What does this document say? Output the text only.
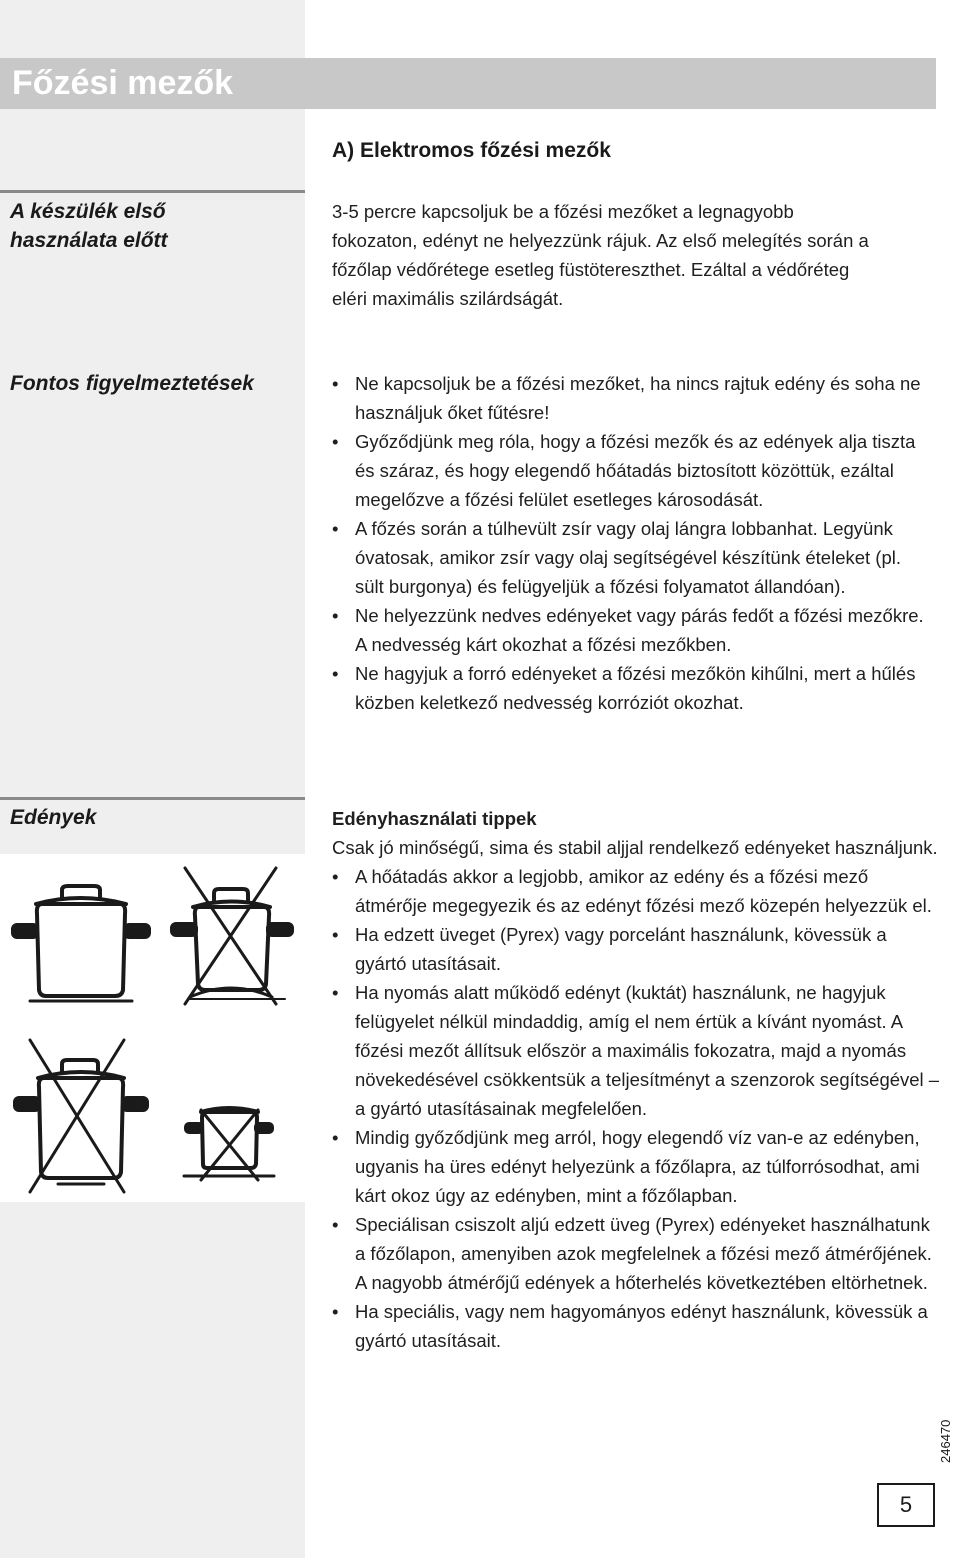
Főzési mezők
A) Elektromos főzési mezők
A készülék első
használata előtt

3-5 percre kapcsoljuk be a főzési mezőket a legnagyobb fokozaton, edényt ne helyezzünk rájuk. Az első melegítés során a főzőlap védőrétege esetleg füstötereszthet. Ezáltal a védőréteg eléri maximális szilárdságát.

Fontos figyelmeztetések
•	Ne kapcsoljuk be a főzési mezőket, ha nincs rajtuk edény és soha ne használjuk őket fűtésre!
• Győződjünk meg róla, hogy a főzési mezők és az edények alja tiszta és száraz, és hogy elegendő hőátadás biztosított közöttük, ezáltal megelőzve a főzési felület esetleges károsodását.
• A főzés során a túlhevült zsír vagy olaj lángra lobbanhat. Legyünk óvatosak, amikor zsír vagy olaj segítségével készítünk ételeket (pl. sült burgonya) és felügyeljük a főzési folyamatot állandóan).
• Ne helyezzünk nedves edényeket vagy párás fedőt a főzési mezőkre. A nedvesség kárt okozhat a főzési mezőkben.
• Ne hagyjuk a forró edényeket a főzési mezőkön kihűlni, mert a hűlés közben keletkező nedvesség korróziót okozhat.
Edények	Edényhasználati tippek

Csak jó minőségű, sima és stabil aljjal rendelkező edényeket használjunk.

• A hőátadás akkor a legjobb, amikor az edény és a főzési mező átmérője megegyezik és az edényt főzési mező közepén helyezzük el.
• Ha edzett üveget (Pyrex) vagy porcelánt használunk, kövessük a gyártó utasításait.
• Ha nyomás alatt működő edényt (kuktát) használunk, ne hagyjuk felügyelet nélkül mindaddig, amíg el nem értük a kívánt nyomást. A főzési mezőt állítsuk először a maximális fokozatra, majd a nyomás növekedésével csökkentsük a teljesítményt a szenzorok segítségével – a gyártó utasításainak megfelelően.
• Mindig győződjünk meg arról, hogy elegendő víz van-e az edényben, ugyanis ha üres edényt helyezünk a főzőlapra, az túlforrósodhat, ami kárt okoz úgy az edényben, mint a főzőlapban.
• Speciálisan csiszolt aljú edzett üveg (Pyrex) edényeket használhatunk a főzőlapon, amenyiben azok megfelelnek a főzési mező átmérőjének. A nagyobb átmérőjű edények a hőterhelés következtében eltörhetnek.
• Ha speciális, vagy nem hagyományos edényt használunk, kövessük a gyártó utasításait.
246470
5
